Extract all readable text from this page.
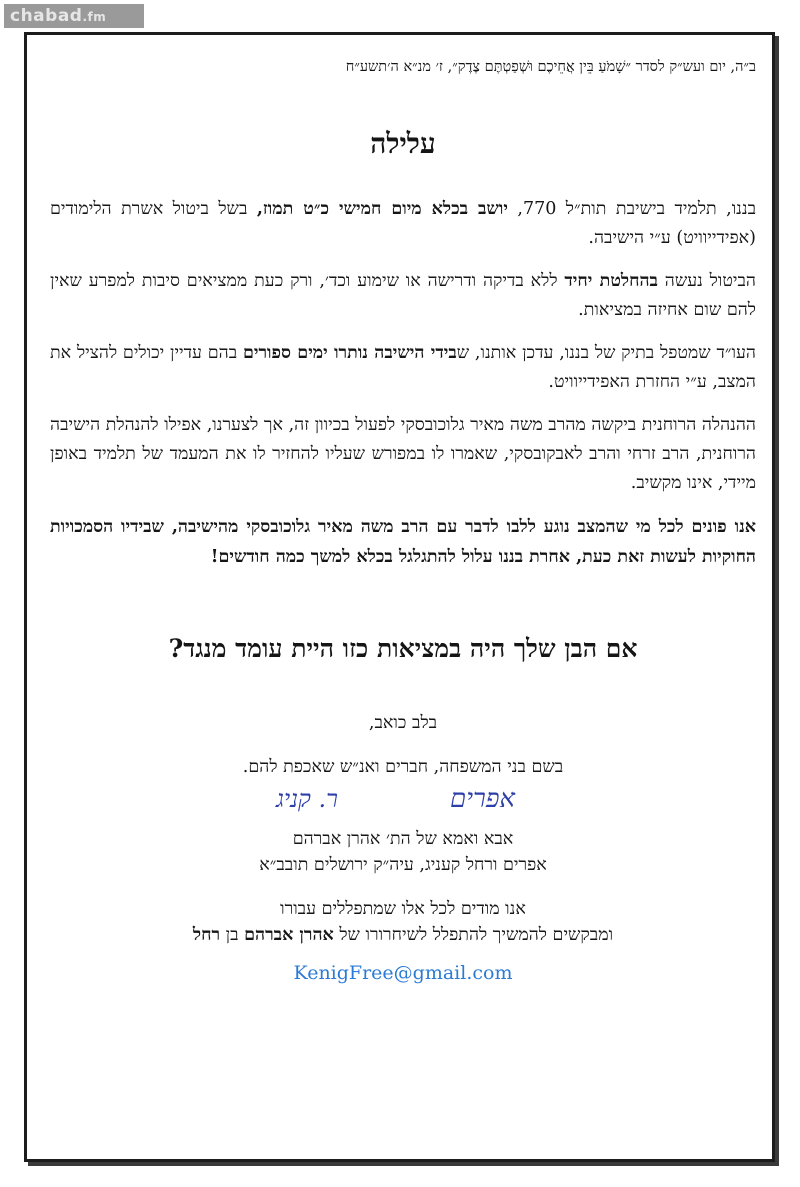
chabad.fm

ב״ה, יום ועש״ק לסדר ״שָׁמֹעַ בֵּין אֲחֵיכֶם וּשְׁפַטְתֶּם צֶדֶק״, ז׳ מנ״א ה׳תשע״ח

עלילה

בננו, תלמיד בישיבת תות״ל 770, יושב בכלא מיום חמישי כ״ט תמוז, בשל ביטול אשרת הלימודים (אפידייוויט) ע״י הישיבה.

הביטול נעשה בהחלטת יחיד ללא בדיקה ודרישה או שימוע וכד׳, ורק כעת ממציאים סיבות למפרע שאין להם שום אחיזה במציאות.

העו״ד שמטפל בתיק של בננו, עדכן אותנו, שבידי הישיבה נותרו ימים ספורים בהם עדיין יכולים להציל את המצב, ע״י החזרת האפידייוויט.

ההנהלה הרוחנית ביקשה מהרב משה מאיר גלוכובסקי לפעול בכיוון זה, אך לצערנו, אפילו להנהלת הישיבה הרוחנית, הרב זרחי והרב לאבקובסקי, שאמרו לו במפורש שעליו להחזיר לו את המעמד של תלמיד באופן מיידי, אינו מקשיב.

אנו פונים לכל מי שהמצב נוגע ללבו לדבר עם הרב משה מאיר גלוכובסקי מהישיבה, שבידיו הסמכויות החוקיות לעשות זאת כעת, אחרת בננו עלול להתגלגל בכלא למשך כמה חודשים!

אם הבן שלך היה במציאות כזו היית עומד מנגד?

בלב כואב,

בשם בני המשפחה, חברים ואנ״ש שאכפת להם.

אפרים
ר. קניג

אבא ואמא של הת׳ אהרן אברהם

אפרים ורחל קעניג, עיה״ק ירושלים תובב״א

אנו מודים לכל אלו שמתפללים עבורו

ומבקשים להמשיך להתפלל לשיחרורו של אהרן אברהם בן רחל

KenigFree@gmail.com
